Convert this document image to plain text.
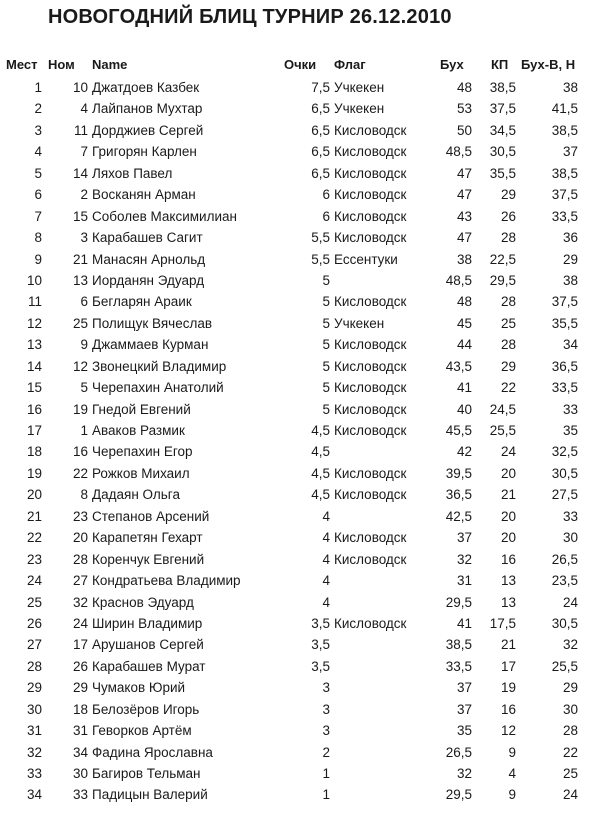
НОВОГОДНИЙ БЛИЦ ТУРНИР 26.12.2010
Мест Ном Name	Очки Флаг	Бух КП Бух-В, Н
1 10 Джатдоев Казбек	7,5 Учкекен	48 38,5	38
2	4 Лайпанов Мухтар	6,5 Учкекен	53 37,5	41,5
3 11 Дорджиев Сергей	6,5 Кисловодск	50 34,5	38,5
4	7 Григорян Карлен	6,5 Кисловодск	48,5 30,5	37
5 14 Ляхов Павел	6,5 Кисловодск	47 35,5	38,5
6	2 Восканян Арман	6 Кисловодск	47 29	37,5
7 15 Соболев Максимилиан	6 Кисловодск	43 26	33,5
8	3 Карабашев Сагит	5,5 Кисловодск	47 28	36
9 21 Манасян Арнольд	5,5 Ессентуки	38 22,5	29
10 13 Иорданян Эдуард	5	48,5 29,5	38
11	6 Бегларян Араик	5 Кисловодск	48 28	37,5
12 25 Полищук Вячеслав	5 Учкекен	45 25	35,5
13	9 Джаммаев Курман	5 Кисловодск	44 28	34
14 12 Звонецкий Владимир	5 Кисловодск	43,5 29	36,5
15	5 Черепахин Анатолий	5 Кисловодск	41 22	33,5
16 19 Гнедой Евгений	5 Кисловодск	40 24,5	33
17	1 Аваков Размик	4,5 Кисловодск	45,5 25,5	35
18 16 Черепахин Егор	4,5	42 24	32,5
19 22 Рожков Михаил	4,5 Кисловодск	39,5 20	30,5
20	8 Дадаян Ольга	4,5 Кисловодск	36,5 21	27,5
21 23 Степанов Арсений	4	42,5 20	33
22 20 Карапетян Гехарт	4 Кисловодск	37 20	30
23 28 Коренчук Евгений	4 Кисловодск	32 16	26,5
24 27 Кондратьева Владимир	4	31 13	23,5
25 32 Краснов Эдуард	4	29,5 13	24
26 24 Ширин Владимир	3,5 Кисловодск	41 17,5	30,5
27 17 Арушанов Сергей	3,5	38,5 21	32
28 26 Карабашев Мурат	3,5	33,5 17	25,5
29 29 Чумаков Юрий	3	37 19	29
30 18 Белозёров Игорь	3	37 16	30
31 31 Геворков Артём	3	35 12	28
32 34 Фадина Ярославна	2	26,5	9	22
33 30 Багиров Тельман	1	32	4	25
34 33 Падицын Валерий	1	29,5	9	24
